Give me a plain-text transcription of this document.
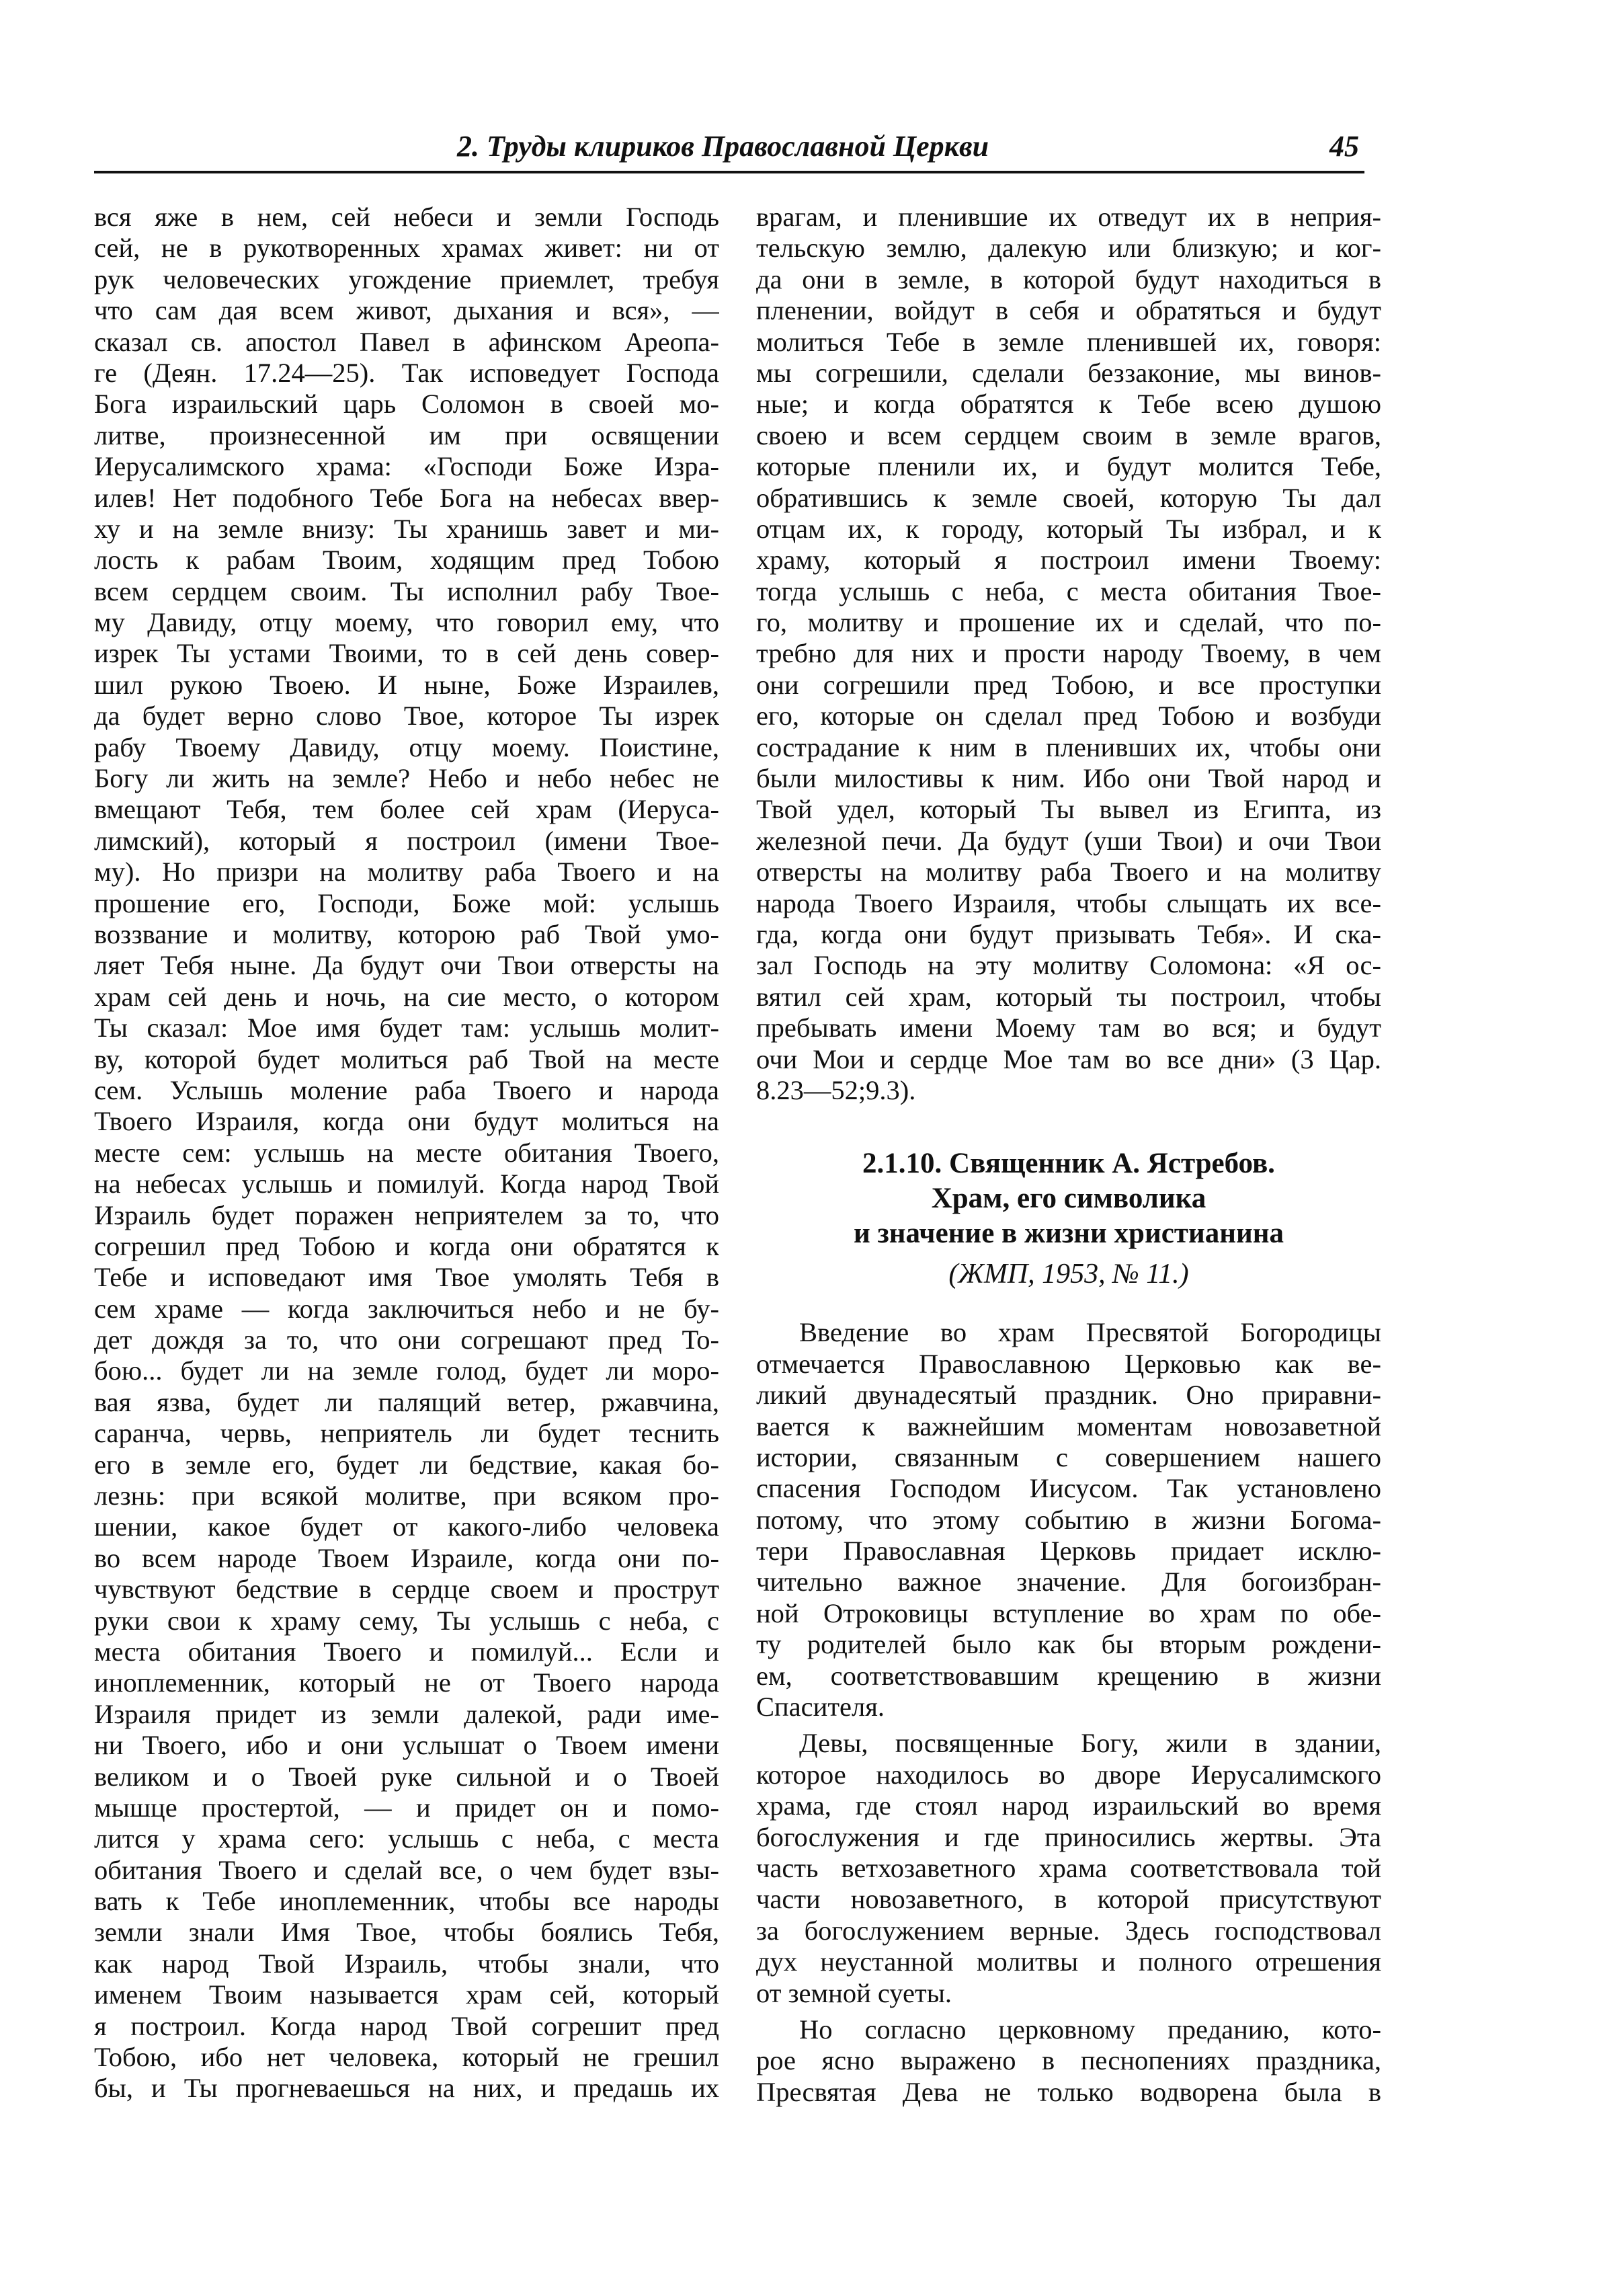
2. Труды клириков Православной Церкви	45
вся яже в нем, сей небеси и земли Господь
сей, не в рукотворенных храмах живет: ни от
рук человеческих угождение приемлет, требуя
что сам дая всем живот, дыхания и вся», —
сказал св. апостол Павел в афинском Ареопа-
ге (Деян. 17.24—25). Так исповедует Господа
Бога израильский царь Соломон в своей мо-
литве, произнесенной им при освящении
Иерусалимского храма: «Господи Боже Изра-
илев! Нет подобного Тебе Бога на небесах ввер-
ху и на земле внизу: Ты хранишь завет и ми-
лость к рабам Твоим, ходящим пред Тобою
всем сердцем своим. Ты исполнил рабу Твое-
му Давиду, отцу моему, что говорил ему, что
изрек Ты устами Твоими, то в сей день совер-
шил рукою Твоею. И ныне, Боже Израилев,
да будет верно слово Твое, которое Ты изрек
рабу Твоему Давиду, отцу моему. Поистине,
Богу ли жить на земле? Небо и небо небес не
вмещают Тебя, тем более сей храм (Иеруса-
лимский), который я построил (имени Твое-
му). Но призри на молитву раба Твоего и на
прошение его, Господи, Боже мой: услышь
воззвание и молитву, которою раб Твой умо-
ляет Тебя ныне. Да будут очи Твои отверсты на
храм сей день и ночь, на сие место, о котором
Ты сказал: Мое имя будет там: услышь молит-
ву, которой будет молиться раб Твой на месте
сем. Услышь моление раба Твоего и народа
Твоего Израиля, когда они будут молиться на
месте сем: услышь на месте обитания Твоего,
на небесах услышь и помилуй. Когда народ Твой
Израиль будет поражен неприятелем за то, что
согрешил пред Тобою и когда они обратятся к
Тебе и исповедают имя Твое умолять Тебя в
сем храме — когда заключиться небо и не бу-
дет дождя за то, что они согрешают пред То-
бою... будет ли на земле голод, будет ли моро-
вая язва, будет ли палящий ветер, ржавчина,
саранча, червь, неприятель ли будет теснить
его в земле его, будет ли бедствие, какая бо-
лезнь: при всякой молитве, при всяком про-
шении, какое будет от какого-либо человека
во всем народе Твоем Израиле, когда они по-
чувствуют бедствие в сердце своем и прострут
руки свои к храму сему, Ты услышь с неба, с
места обитания Твоего и помилуй... Если и
иноплеменник, который не от Твоего народа
Израиля придет из земли далекой, ради име-
ни Твоего, ибо и они услышат о Твоем имени
великом и о Твоей руке сильной и о Твоей
мышце простертой, — и придет он и помо-
лится у храма сего: услышь с неба, с места
обитания Твоего и сделай все, о чем будет взы-
вать к Тебе иноплеменник, чтобы все народы
земли знали Имя Твое, чтобы боялись Тебя,
как народ Твой Израиль, чтобы знали, что
именем Твоим называется храм сей, который
я построил. Когда народ Твой согрешит пред
Тобою, ибо нет человека, который не грешил
бы, и Ты прогневаешься на них, и предашь их
врагам, и пленившие их отведут их в неприя-
тельскую землю, далекую или близкую; и ког-
да они в земле, в которой будут находиться в
пленении, войдут в себя и обратяться и будут
молиться Тебе в земле пленившей их, говоря:
мы согрешили, сделали беззаконие, мы винов-
ные; и когда обратятся к Тебе всею душою
своею и всем сердцем своим в земле врагов,
которые пленили их, и будут молится Тебе,
обратившись к земле своей, которую Ты дал
отцам их, к городу, который Ты избрал, и к
храму, который я построил имени Твоему:
тогда услышь с неба, с места обитания Твое-
го, молитву и прошение их и сделай, что по-
требно для них и прости народу Твоему, в чем
они согрешили пред Тобою, и все проступки
его, которые он сделал пред Тобою и возбуди
сострадание к ним в пленивших их, чтобы они
были милостивы к ним. Ибо они Твой народ и
Твой удел, который Ты вывел из Египта, из
железной печи. Да будут (уши Твои) и очи Твои
отверсты на молитву раба Твоего и на молитву
народа Твоего Израиля, чтобы слыщать их все-
гда, когда они будут призывать Тебя». И ска-
зал Господь на эту молитву Соломона: «Я ос-
вятил сей храм, который ты построил, чтобы
пребывать имени Моему там во вся; и будут
очи Мои и сердце Мое там во все дни» (3 Цар.
8.23—52;9.3).
2.1.10. Священник А. Ястребов.
Храм, его символика
и значение в жизни христианина
(ЖМП, 1953, № 11.)
Введение во храм Пресвятой Богородицы
отмечается Православною Церковью как ве-
ликий двунадесятый праздник. Оно приравни-
вается к важнейшим моментам новозаветной
истории, связанным с совершением нашего
спасения Господом Иисусом. Так установлено
потому, что этому событию в жизни Богома-
тери Православная Церковь придает исклю-
чительно важное значение. Для богоизбран-
ной Отроковицы вступление во храм по обе-
ту родителей было как бы вторым рождени-
ем, соответствовавшим крещению в жизни
Спасителя.
Девы, посвященные Богу, жили в здании,
которое находилось во дворе Иерусалимского
храма, где стоял народ израильский во время
богослужения и где приносились жертвы. Эта
часть ветхозаветного храма соответствовала той
части новозаветного, в которой присутствуют
за богослужением верные. Здесь господствовал
дух неустанной молитвы и полного отрешения
от земной суеты.
Но согласно церковному преданию, кото-
рое ясно выражено в песнопениях праздника,
Пресвятая Дева не только водворена была в
